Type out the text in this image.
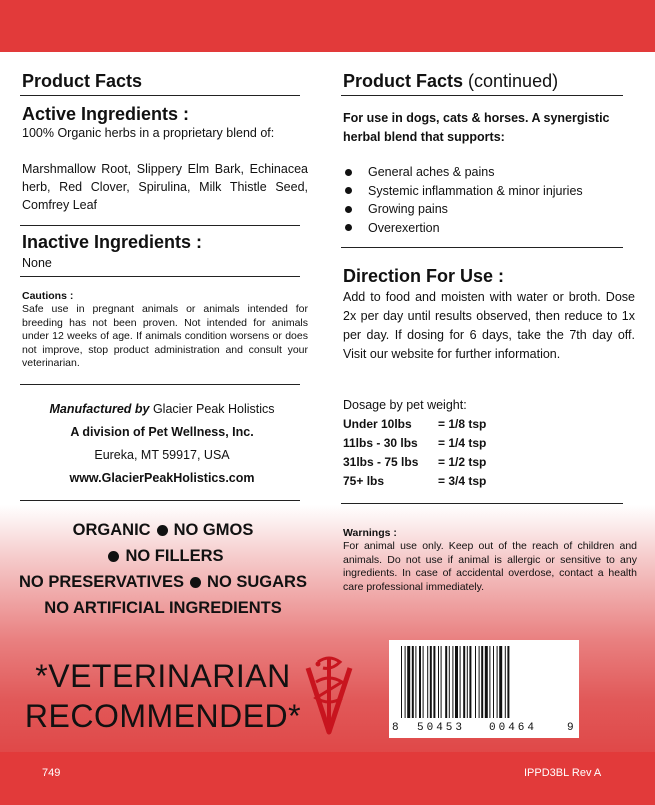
Product Facts
Active Ingredients :
100% Organic herbs in a proprietary blend of:
Marshmallow Root, Slippery Elm Bark, Echinacea herb, Red Clover, Spirulina, Milk Thistle Seed, Comfrey Leaf
Inactive Ingredients :
None
Cautions :
Safe use in pregnant animals or animals intended for breeding has not been proven. Not intended for animals under 12 weeks of age. If animals condition worsens or does not improve, stop product administration and consult your veterinarian.
Manufactured by Glacier Peak Holistics
A division of Pet Wellness, Inc.
Eureka, MT 59917, USA
www.GlacierPeakHolistics.com
ORGANIC NO GMOS
NO FILLERS
NO PRESERVATIVES NO SUGARS
NO ARTIFICIAL INGREDIENTS
*VETERINARIAN
RECOMMENDED*
Product Facts (continued)
For use in dogs, cats & horses. A synergistic herbal blend that supports:
General aches & pains
Systemic inflammation & minor injuries
Growing pains
Overexertion
Direction For Use :
Add to food and moisten with water or broth. Dose 2x per day until results observed, then reduce to 1x per day. If dosing for 6 days, take the 7th day off. Visit our website for further information.
Dosage by pet weight:
Under 10lbs	= 1/8 tsp
11lbs - 30 lbs	= 1/4 tsp
31lbs - 75 lbs	= 1/2 tsp
75+ lbs	= 3/4 tsp
Warnings :
For animal use only. Keep out of the reach of children and animals. Do not use if animal is allergic or sensitive to any ingredients. In case of accidental overdose, contact a health care professional immediately.
8 50453 00464	9
749	IPPD3BL Rev A
